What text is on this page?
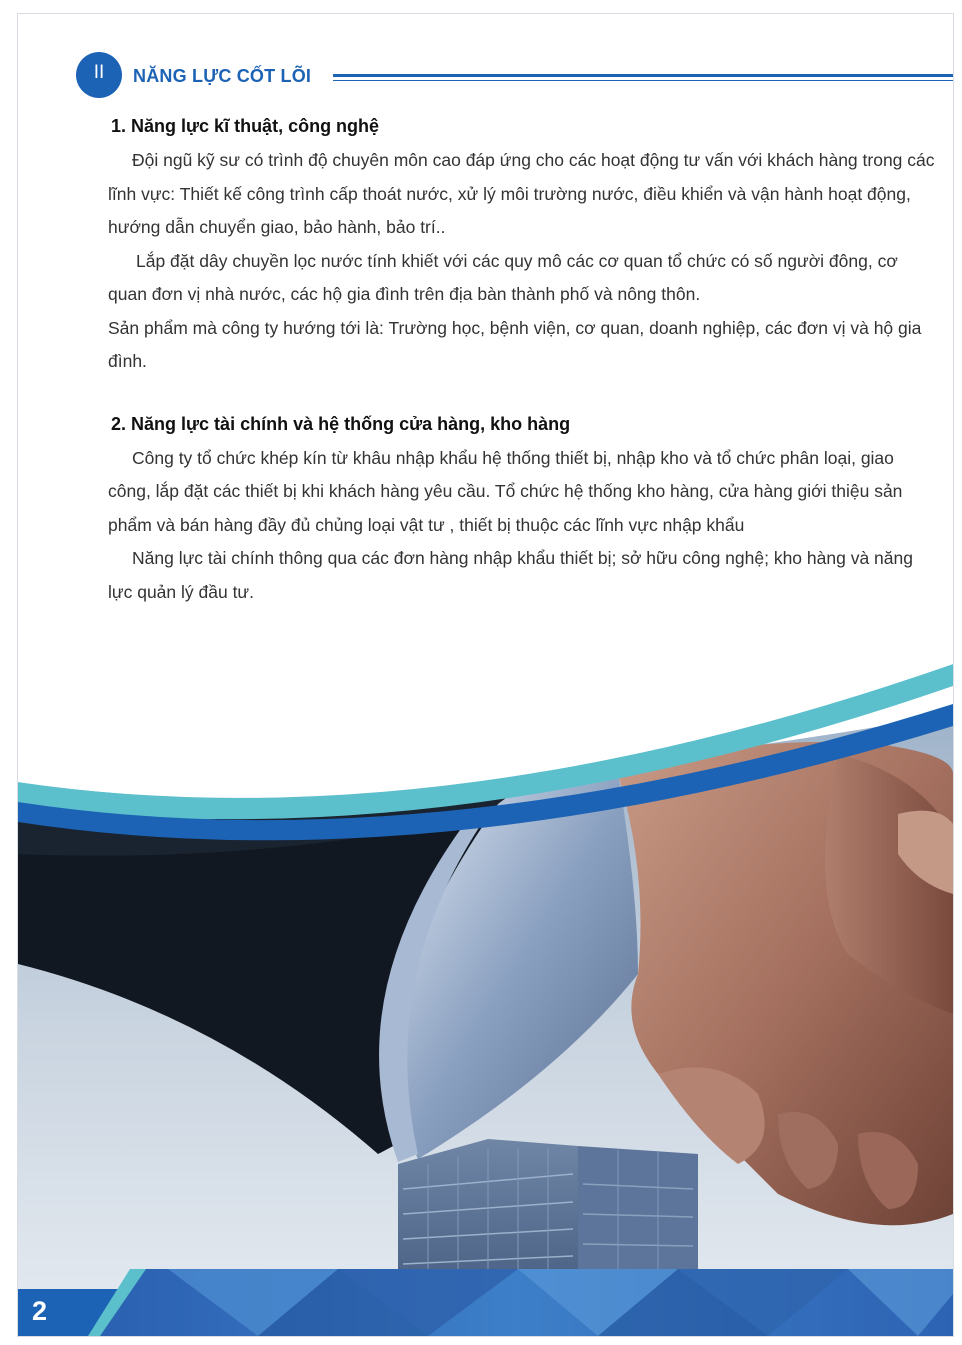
II	NĂNG LỰC CỐT LÕI
1. Năng lực kĩ thuật, công nghệ

Đội ngũ kỹ sư có trình độ chuyên môn cao đáp ứng cho các hoạt động tư vấn với khách hàng trong các lĩnh vực: Thiết kế công trình cấp thoát nước, xử lý môi trường nước, điều khiển và vận hành hoạt động, hướng dẫn chuyển giao, bảo hành, bảo trí..

Lắp đặt dây chuyền lọc nước tính khiết với các quy mô các cơ quan tổ chức có số người đông, cơ quan đơn vị nhà nước, các hộ gia đình trên địa bàn thành phố và nông thôn.

Sản phẩm mà công ty hướng tới là: Trường học, bệnh viện, cơ quan, doanh nghiệp, các đơn vị và hộ gia đình.

2. Năng lực tài chính và hệ thống cửa hàng, kho hàng

Công ty tổ chức khép kín từ khâu nhập khẩu hệ thống thiết bị, nhập kho và tổ chức phân loại, giao công, lắp đặt các thiết bị khi khách hàng yêu cầu. Tổ chức hệ thống kho hàng, cửa hàng giới thiệu sản phẩm và bán hàng đầy đủ chủng loại vật tư , thiết bị thuộc các lĩnh vực nhập khẩu

Năng lực tài chính thông qua các đơn hàng nhập khẩu thiết bị; sở hữu công nghệ; kho hàng và năng lực quản lý đầu tư.

2
